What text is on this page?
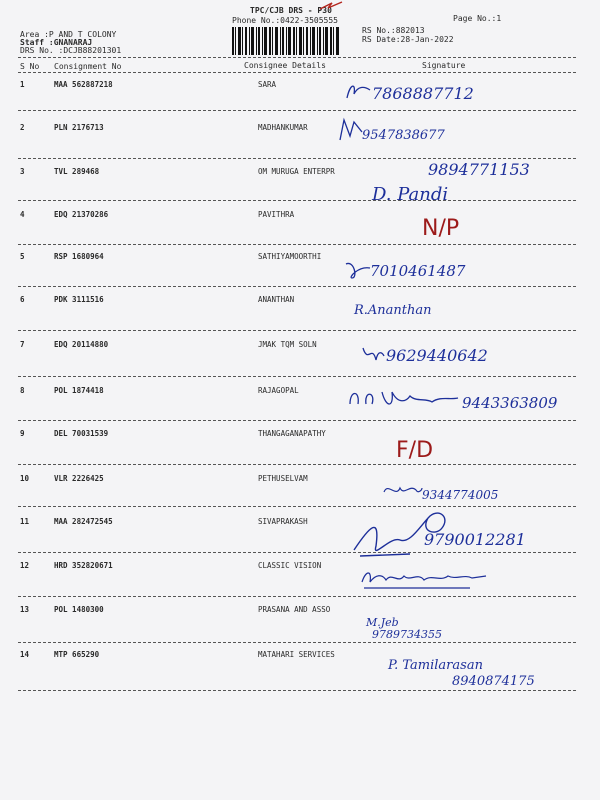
TPC/CJB DRS - P30
Phone No.:0422-3505555	Page No.:1
RS No.:882013
RS Date:28-Jan-2022
Area :P AND T COLONY
Staff :GNANARAJ
DRS No. :DCJB88201301
S No Consignment No	Consignee Details	Signature
1	MAA 562887218	SARA	7868887712
2	PLN 2176713	MADHANKUMAR
9547838677
3	TVL 289468	OM MURUGA ENTERPR	9894771153
D. Pandi
4	EDQ 21370286	PAVITHRA
N/P
5	RSP 1680964	SATHIYAMOORTHI
7010461487
6	PDK 3111516	ANANTHAN
R.Ananthan
7	EDQ 20114880	JMAK TQM SOLN
9629440642
8	POL 1874418	RAJAGOPAL
9443363809
9	DEL 70031539	THANGAGANAPATHY
F/D
10	VLR 2226425	PETHUSELVAM
9344774005
11	MAA 282472545	SIVAPRAKASH
9790012281
12	HRD 352820671	CLASSIC VISION
13	POL 1480300	PRASANA AND ASSO
M.Jeb
9789734355
14	MTP 665290	MATAHARI SERVICES
P. Tamilarasan
8940874175
